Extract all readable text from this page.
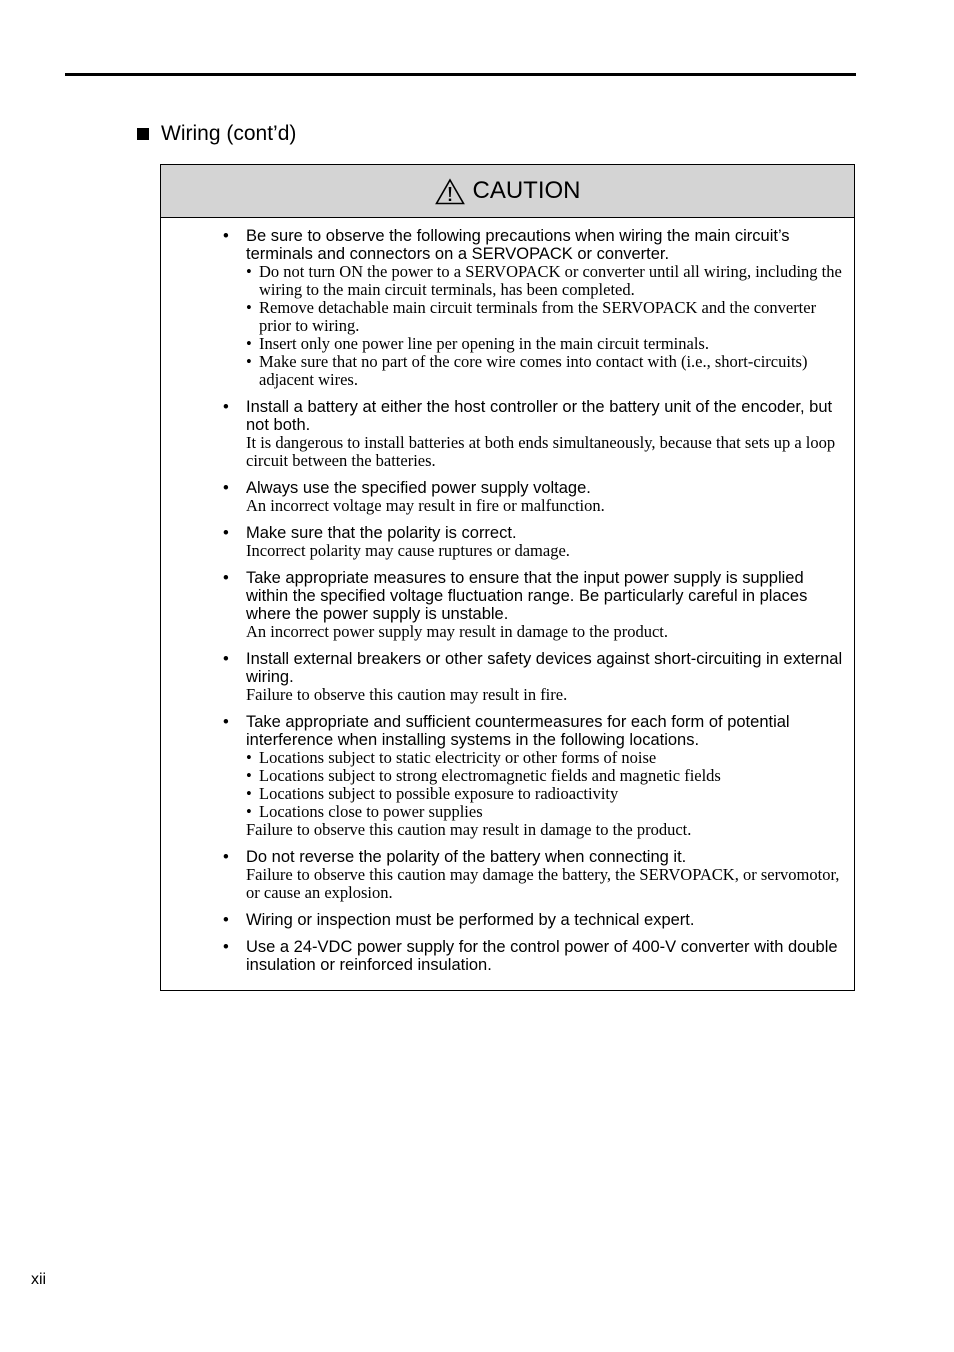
Wiring (cont’d)
CAUTION
• Be sure to observe the following precautions when wiring the main circuit’s terminals and connectors on a SERVOPACK or converter.

• Do not turn ON the power to a SERVOPACK or converter until all wiring, including the wiring to the main circuit terminals, has been completed.
• Remove detachable main circuit terminals from the SERVOPACK and the converter prior to wiring.
• Insert only one power line per opening in the main circuit terminals.
• Make sure that no part of the core wire comes into contact with (i.e., short-circuits) adjacent wires.
• Install a battery at either the host controller or the battery unit of the encoder, but not both.

It is dangerous to install batteries at both ends simultaneously, because that sets up a loop circuit between the batteries.

• Always use the specified power supply voltage.

An incorrect voltage may result in fire or malfunction.

• Make sure that the polarity is correct.

Incorrect polarity may cause ruptures or damage.

• Take appropriate measures to ensure that the input power supply is supplied within the specified voltage fluctuation range. Be particularly careful in places where the power supply is unstable.

An incorrect power supply may result in damage to the product.

• Install external breakers or other safety devices against short-circuiting in external wiring.

Failure to observe this caution may result in fire.

• Take appropriate and sufficient countermeasures for each form of potential interference when installing systems in the following locations.

• Locations subject to static electricity or other forms of noise
• Locations subject to strong electromagnetic fields and magnetic fields
• Locations subject to possible exposure to radioactivity
• Locations close to power supplies

Failure to observe this caution may result in damage to the product.

• Do not reverse the polarity of the battery when connecting it.

Failure to observe this caution may damage the battery, the SERVOPACK, or servomotor, or cause an explosion.

• Wiring or inspection must be performed by a technical expert.

• Use a 24-VDC power supply for the control power of 400-V converter with double insulation or reinforced insulation.

xii
